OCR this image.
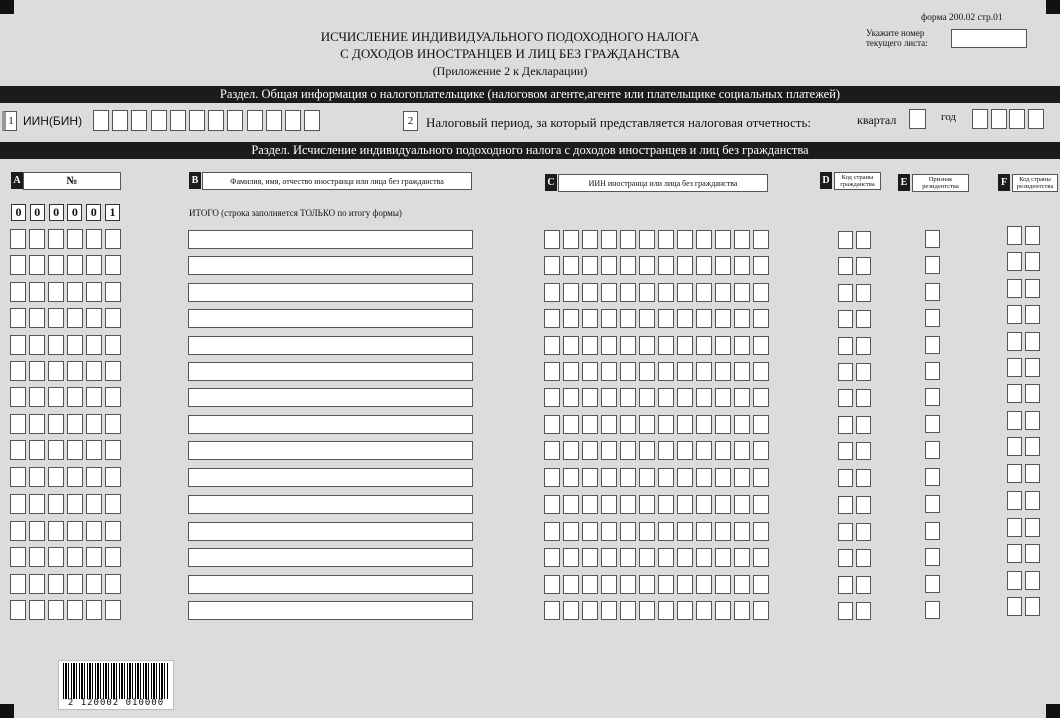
форма 200.02 стр.01
Укажите номер текущего листа:
ИСЧИСЛЕНИЕ ИНДИВИДУАЛЬНОГО ПОДОХОДНОГО НАЛОГА
С ДОХОДОВ ИНОСТРАНЦЕВ И ЛИЦ БЕЗ ГРАЖДАНСТВА
(Приложение 2 к Декларации)
Раздел. Общая информация о налогоплательщике (налоговом агенте,агенте или плательщике социальных платежей)
1 ИИН(БИН)	2 Налоговый период, за который представляется налоговая отчетность:	квартал	год
Раздел. Исчисление индивидуального подоходного налога с доходов иностранцев и лиц без гражданства
A	№	B	Фамилия, имя, отчество иностранца или лица без гражданства	C	ИИН иностранца или лица без гражданства	D	Код страны гражданства	E	Признак резидентства	F	Код страны резидентства
0	0	0	0	0	1	ИТОГО (строка заполняется ТОЛЬКО по итогу формы)
2 120002 010000
